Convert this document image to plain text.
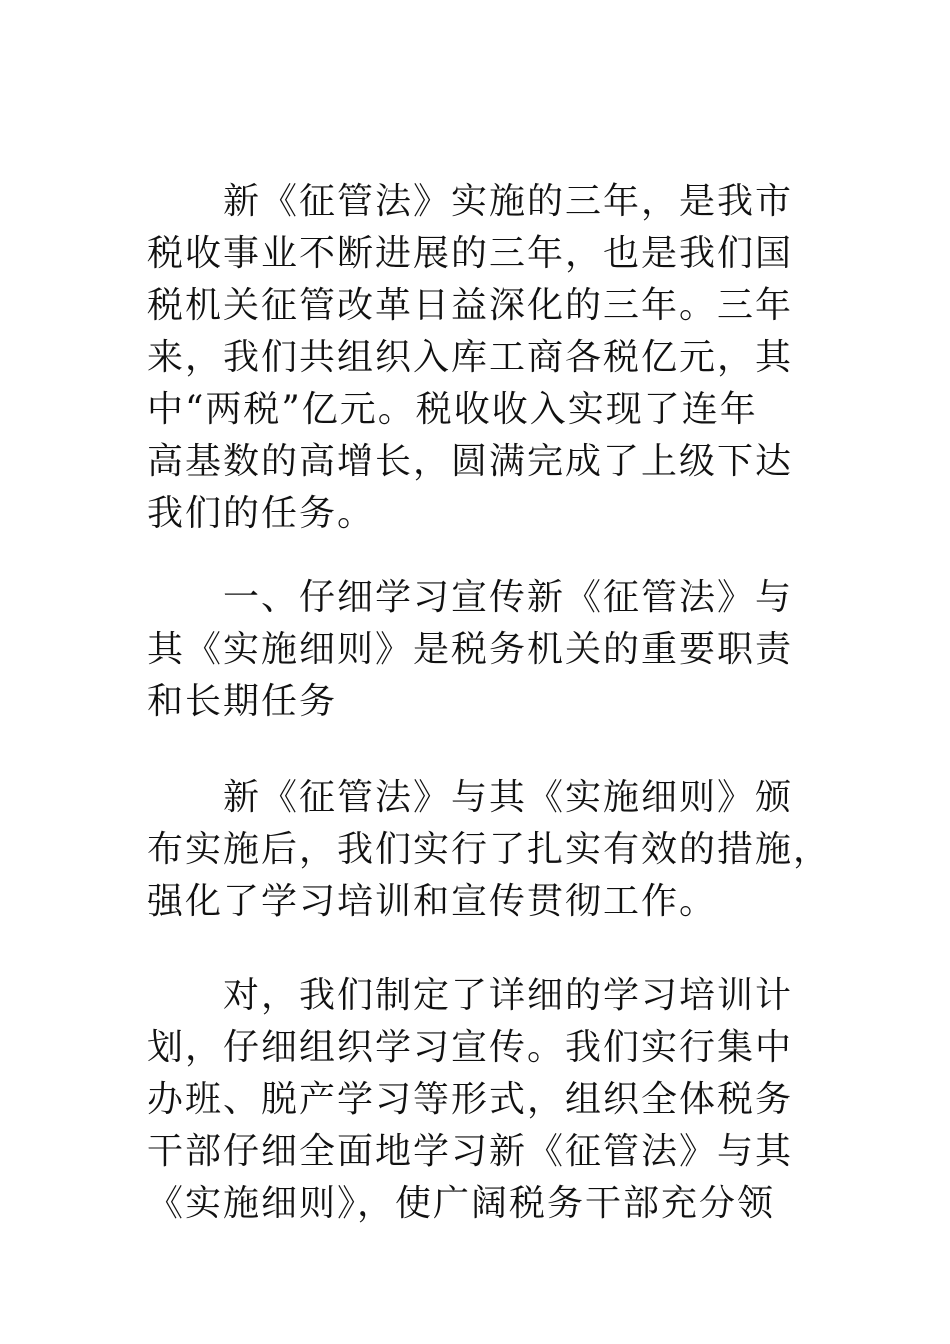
新《征管法》实施的三年，是我市
税收事业不断进展的三年，也是我们国
税机关征管改革日益深化的三年。三年
来，我们共组织入库工商各税亿元，其
中“两税”亿元。税收收入实现了连年
高基数的高增长，圆满完成了上级下达
我们的任务。
一、仔细学习宣传新《征管法》与
其《实施细则》是税务机关的重要职责
和长期任务
新《征管法》与其《实施细则》颁
布实施后，我们实行了扎实有效的措施，
强化了学习培训和宣传贯彻工作。
对，我们制定了详细的学习培训计
划，仔细组织学习宣传。我们实行集中
办班、脱产学习等形式，组织全体税务
干部仔细全面地学习新《征管法》与其
《实施细则》，使广阔税务干部充分领
